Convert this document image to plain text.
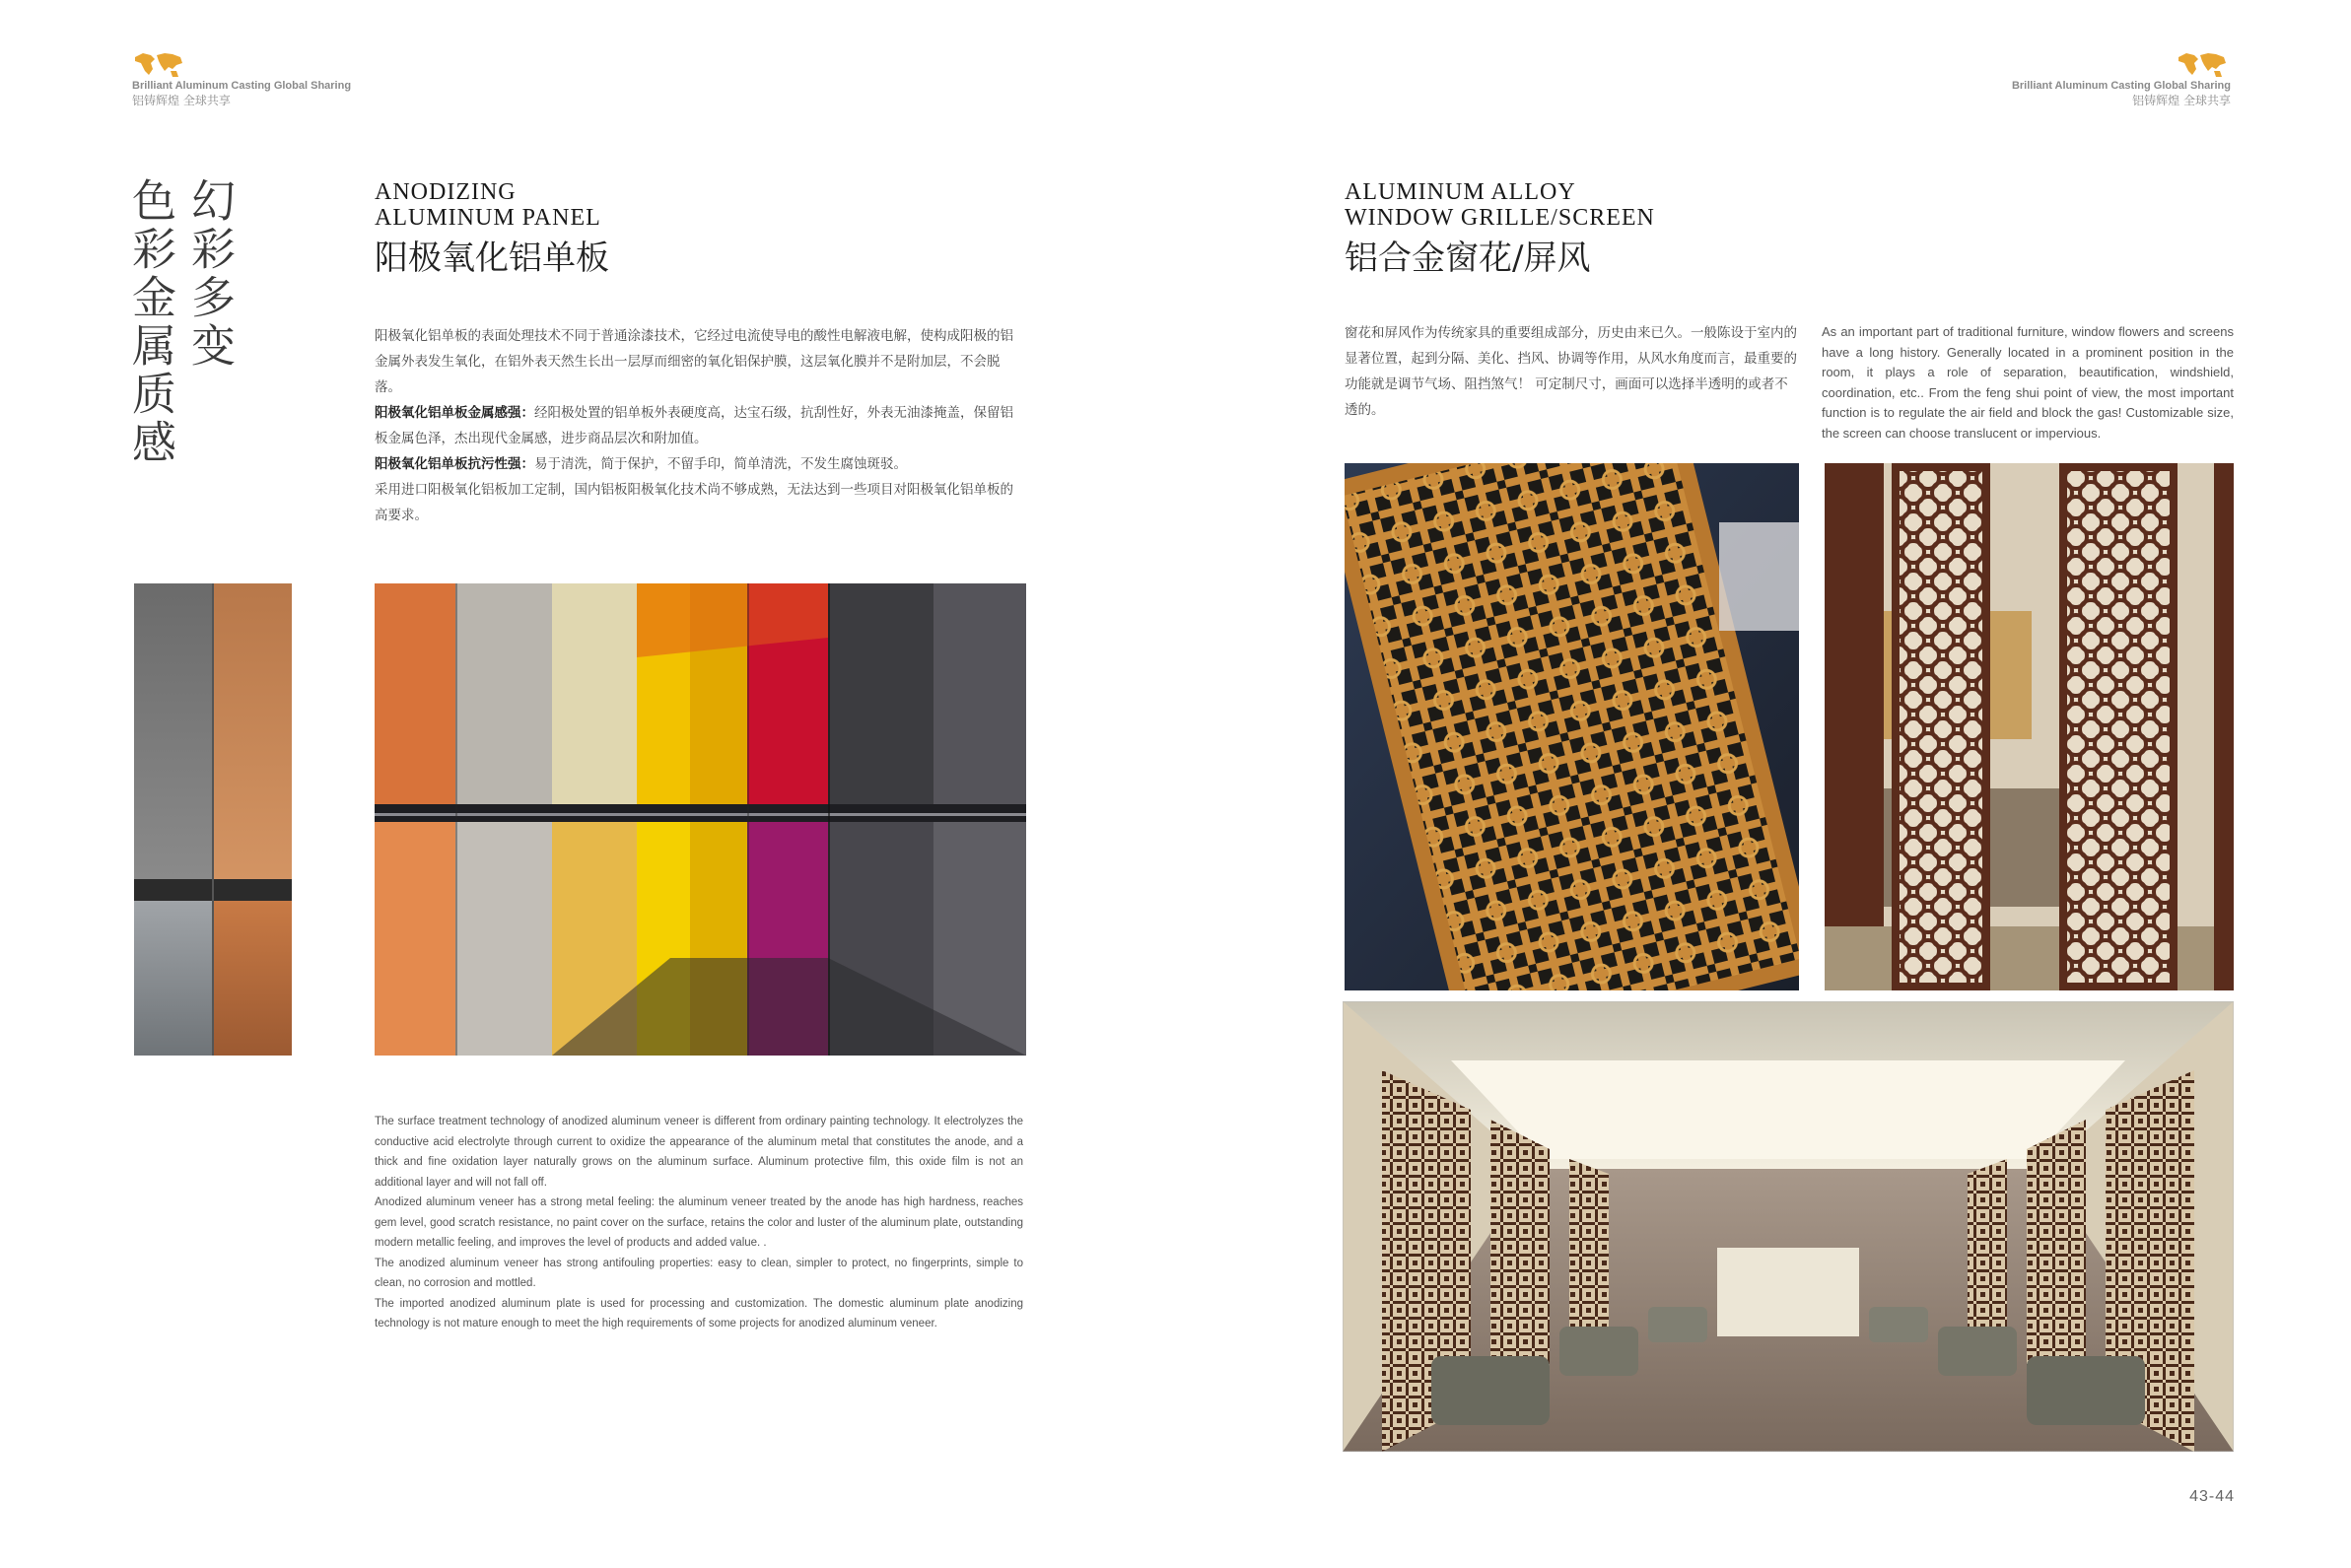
Brilliant Aluminum Casting Global Sharing
铝铸辉煌 全球共享
Brilliant Aluminum Casting Global Sharing
铝铸辉煌 全球共享
幻彩多变
色彩金属质感	ANODIZING
ALUMINUM PANEL
阳极氧化铝单板

阳极氧化铝单板的表面处理技术不同于普通涂漆技术，它经过电流使导电的酸性电解液电解，使构成阳极的铝金属外表发生氧化，在铝外表天然生长出一层厚而细密的氧化铝保护膜，这层氧化膜并不是附加层，不会脱落。

阳极氧化铝单板金属感强：经阳极处置的铝单板外表硬度高，达宝石级，抗刮性好，外表无油漆掩盖，保留铝板金属色泽，杰出现代金属感，进步商品层次和附加值。

阳极氧化铝单板抗污性强：易于清洗，简于保护，不留手印，简单清洗，不发生腐蚀斑驳。

采用进口阳极氧化铝板加工定制，国内铝板阳极氧化技术尚不够成熟，无法达到一些项目对阳极氧化铝单板的高要求。

The surface treatment technology of anodized aluminum veneer is different from ordinary painting technology. It electrolyzes the conductive acid electrolyte through current to oxidize the appearance of the aluminum metal that constitutes the anode, and a thick and fine oxidation layer naturally grows on the aluminum surface. Aluminum protective film, this oxide film is not an additional layer and will not fall off.

Anodized aluminum veneer has a strong metal feeling: the aluminum veneer treated by the anode has high hardness, reaches gem level, good scratch resistance, no paint cover on the surface, retains the color and luster of the aluminum plate, outstanding modern metallic feeling, and improves the level of products and added value. .

The anodized aluminum veneer has strong antifouling properties: easy to clean, simpler to protect, no fingerprints, simple to clean, no corrosion and mottled.

The imported anodized aluminum plate is used for processing and customization. The domestic aluminum plate anodizing technology is not mature enough to meet the high requirements of some projects for anodized aluminum veneer.

ALUMINUM ALLOY
WINDOW GRILLE/SCREEN
铝合金窗花/屏风
窗花和屏风作为传统家具的重要组成部分，历史由来已久。一般陈设于室内的显著位置，起到分隔、美化、挡风、协调等作用，从风水角度而言，最重要的功能就是调节气场、阻挡煞气！ 可定制尺寸，画面可以选择半透明的或者不透的。
As an important part of traditional furniture, window flowers and screens have a long history. Generally located in a prominent position in the room, it plays a role of separation, beautification, windshield, coordination, etc.. From the feng shui point of view, the most important function is to regulate the air field and block the gas! Customizable size, the screen can choose translucent or impervious.
43-44
